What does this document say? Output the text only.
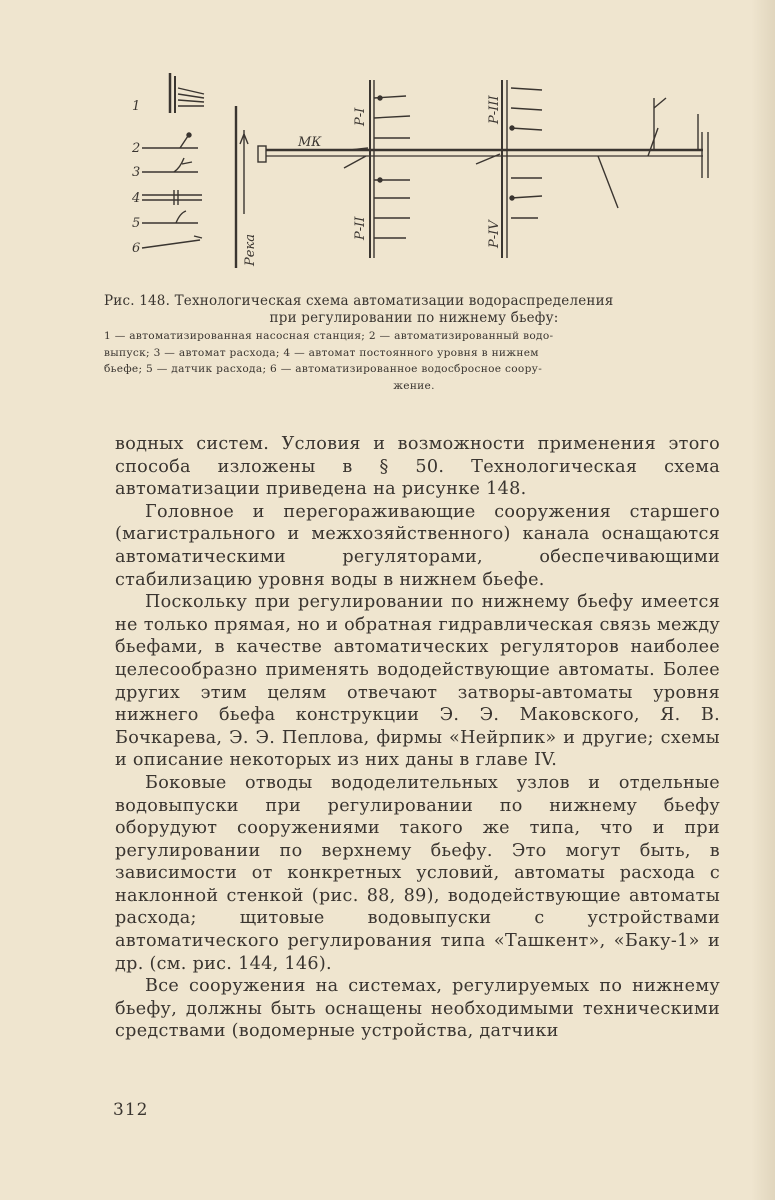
1
2
3
4
5
6	Река
МК
Р-I
Р-II
Р-III
Р-IV
Рис. 148. Технологическая схема автоматизации водораспределения
при регулировании по нижнему бьефу:
1 — автоматизированная насосная станция; 2 — автоматизированный водо-
выпуск; 3 — автомат расхода; 4 — автомат постоянного уровня в нижнем
бьефе; 5 — датчик расхода; 6 — автоматизированное водосбросное соору-
жение.

водных систем. Условия и возможности применения этого способа изложены в § 50. Технологическая схема автоматизации приведена на рисунке 148.

Головное и перегораживающие сооружения старшего (магистрального и межхозяйственного) канала оснащаются автоматическими регуляторами, обеспечивающими стабилизацию уровня воды в нижнем бьефе.

Поскольку при регулировании по нижнему бьефу имеется не только прямая, но и обратная гидравлическая связь между бьефами, в качестве автоматических регуляторов наиболее целесообразно применять вододействующие автоматы. Более других этим целям отвечают затворы-автоматы уровня нижнего бьефа конструкции Э. Э. Маковского, Я. В. Бочкарева, Э. Э. Пеплова, фирмы «Нейрпик» и другие; схемы и описание некоторых из них даны в главе IV.

Боковые отводы вододелительных узлов и отдельные водовыпуски при регулировании по нижнему бьефу оборудуют сооружениями такого же типа, что и при регулировании по верхнему бьефу. Это могут быть, в зависимости от конкретных условий, автоматы расхода с наклонной стенкой (рис. 88, 89), вододействующие автоматы расхода; щитовые водовыпуски с устройствами автоматического регулирования типа «Ташкент», «Баку-1» и др. (см. рис. 144, 146).

Все сооружения на системах, регулируемых по нижнему бьефу, должны быть оснащены необходимыми техническими средствами (водомерные устройства, датчики

312
